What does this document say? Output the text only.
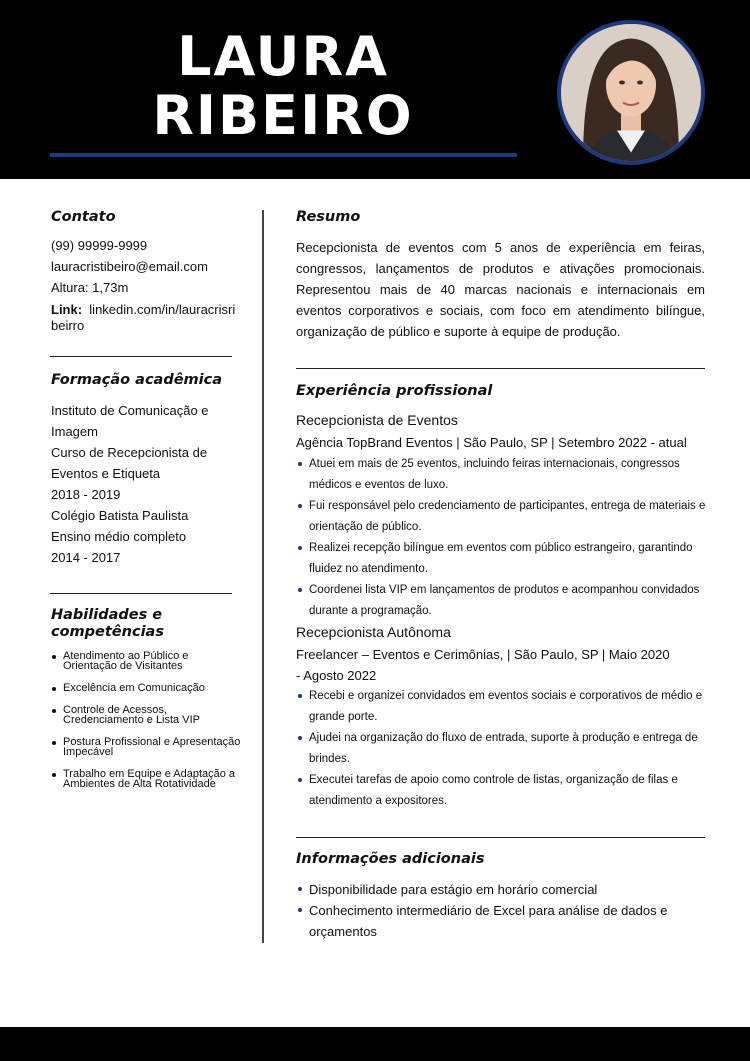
LAURA
RIBEIRO
Contato
(99) 99999-9999
lauracristibeiro@email.com
Altura: 1,73m
Link: linkedin.com/in/lauracrisribeirro
Formação acadêmica
Instituto de Comunicação e Imagem
Curso de Recepcionista de Eventos e Etiqueta
2018 - 2019
Colégio Batista Paulista
Ensino médio completo
2014 - 2017
Habilidades e competências
Atendimento ao Público e Orientação de Visitantes
Excelência em Comunicação
Controle de Acessos, Credenciamento e Lista VIP
Postura Profissional e Apresentação Impecável
Trabalho em Equipe e Adaptação a Ambientes de Alta Rotatividade
Resumo
Recepcionista de eventos com 5 anos de experiência em feiras, congressos, lançamentos de produtos e ativações promocionais. Representou mais de 40 marcas nacionais e internacionais em eventos corporativos e sociais, com foco em atendimento bilíngue, organização de público e suporte à equipe de produção.
Experiência profissional
Recepcionista de Eventos
Agência TopBrand Eventos | São Paulo, SP | Setembro 2022 - atual
Atuei em mais de 25 eventos, incluindo feiras internacionais, congressos médicos e eventos de luxo.
Fui responsável pelo credenciamento de participantes, entrega de materiais e orientação de público.
Realizei recepção bilíngue em eventos com público estrangeiro, garantindo fluidez no atendimento.
Coordenei lista VIP em lançamentos de produtos e acompanhou convidados durante a programação.
Recepcionista Autônoma
Freelancer – Eventos e Cerimônias, | São Paulo, SP | Maio 2020 - Agosto 2022
Recebi e organizei convidados em eventos sociais e corporativos de médio e grande porte.
Ajudei na organização do fluxo de entrada, suporte à produção e entrega de brindes.
Executei tarefas de apoio como controle de listas, organização de filas e atendimento a expositores.
Informações adicionais
Disponibilidade para estágio em horário comercial
Conhecimento intermediário de Excel para análise de dados e orçamentos
